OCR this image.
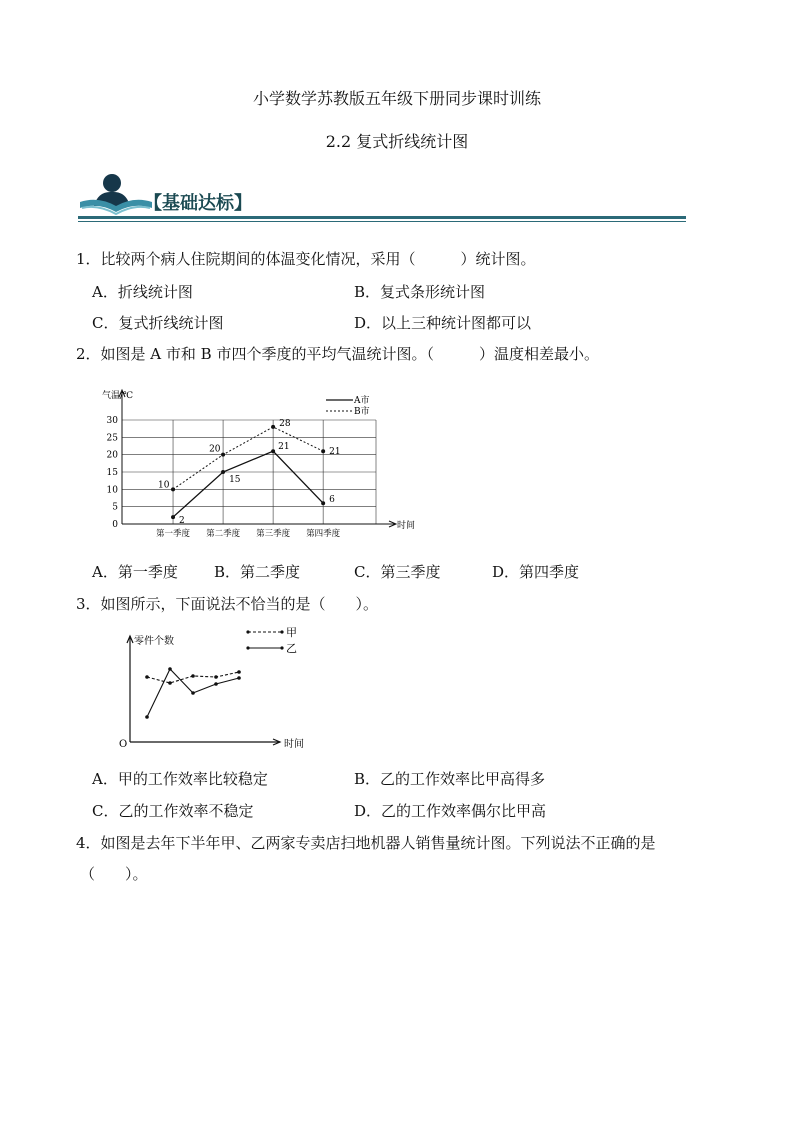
小学数学苏教版五年级下册同步课时训练
2.2 复式折线统计图
【基础达标】
1．比较两个病人住院期间的体温变化情况，采用（　　　）统计图。
A．折线统计图	B．复式条形统计图
C．复式折线统计图	D．以上三种统计图都可以
2．如图是 A 市和 B 市四个季度的平均气温统计图。（　　　）温度相差最小。
0
5
10
15
20
25
30
第一季度 第二季度 第三季度 第四季度
2
15
21
6
10
20
28
21
气温/℃
时间
A市
B市
A．第一季度 B．第二季度	C．第三季度	D．第四季度
3．如图所示，下面说法不恰当的是（　　）。
零件个数
时间
O
甲
乙
A．甲的工作效率比较稳定	B．乙的工作效率比甲高得多
C．乙的工作效率不稳定	D．乙的工作效率偶尔比甲高
4．如图是去年下半年甲、乙两家专卖店扫地机器人销售量统计图。下列说法不正确的是
（　　）。
